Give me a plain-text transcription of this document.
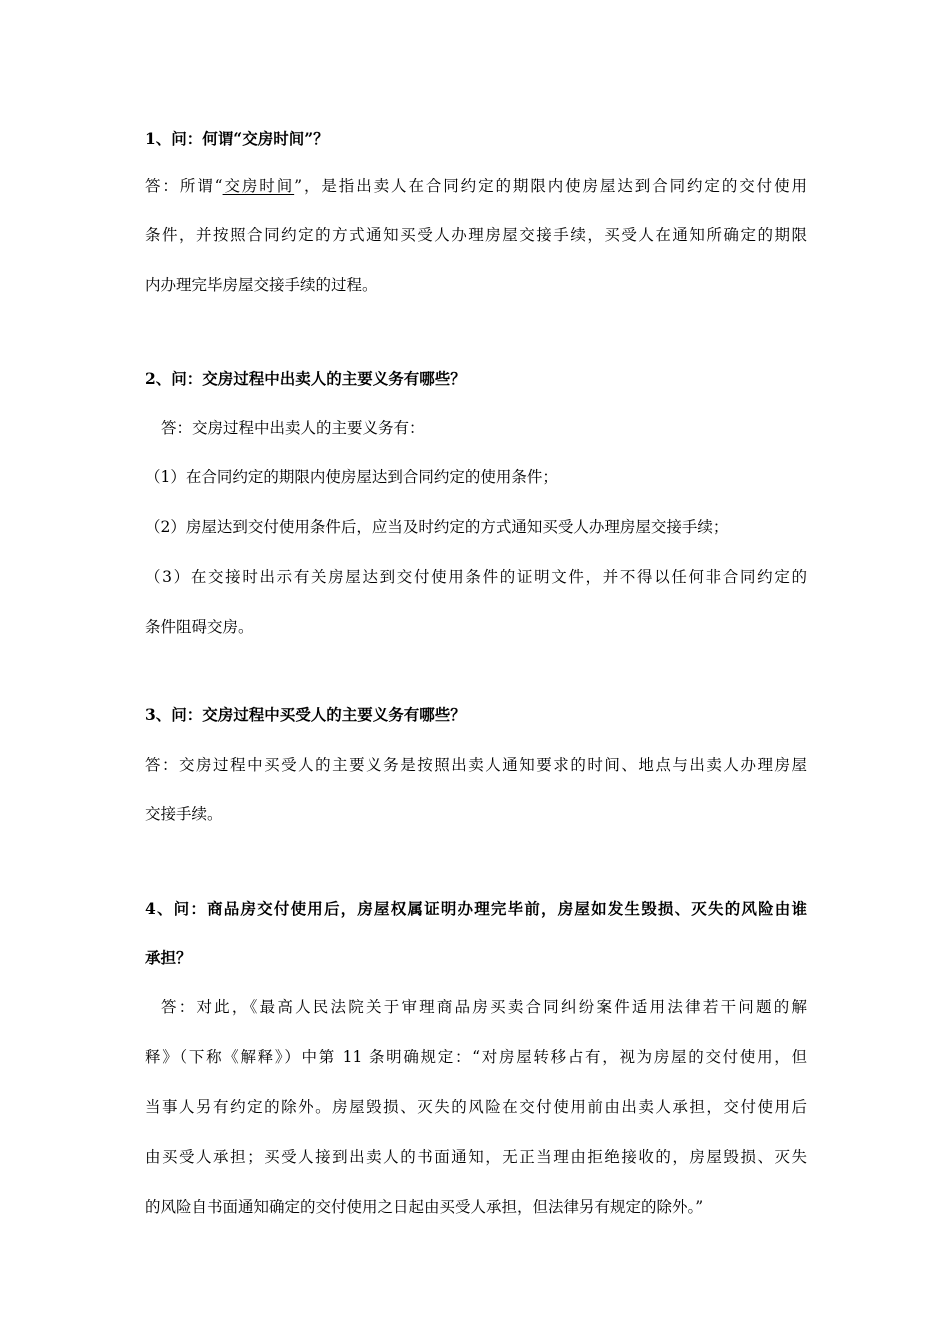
1、问：何谓“交房时间”？
答：所谓“交房时间”，是指出卖人在合同约定的期限内使房屋达到合同约定的交付使用
条件，并按照合同约定的方式通知买受人办理房屋交接手续，买受人在通知所确定的期限
内办理完毕房屋交接手续的过程。
2、问：交房过程中出卖人的主要义务有哪些？
答：交房过程中出卖人的主要义务有：
（1）在合同约定的期限内使房屋达到合同约定的使用条件；
（2）房屋达到交付使用条件后，应当及时约定的方式通知买受人办理房屋交接手续；
（3）在交接时出示有关房屋达到交付使用条件的证明文件，并不得以任何非合同约定的
条件阻碍交房。
3、问：交房过程中买受人的主要义务有哪些？
答：交房过程中买受人的主要义务是按照出卖人通知要求的时间、地点与出卖人办理房屋
交接手续。
4、问：商品房交付使用后，房屋权属证明办理完毕前，房屋如发生毁损、灭失的风险由谁
承担？
答：对此，《最高人民法院关于审理商品房买卖合同纠纷案件适用法律若干问题的解
释》（下称《解释》）中第 11 条明确规定：“对房屋转移占有，视为房屋的交付使用，但
当事人另有约定的除外。房屋毁损、灭失的风险在交付使用前由出卖人承担，交付使用后
由买受人承担；买受人接到出卖人的书面通知，无正当理由拒绝接收的，房屋毁损、灭失
的风险自书面通知确定的交付使用之日起由买受人承担，但法律另有规定的除外。”
